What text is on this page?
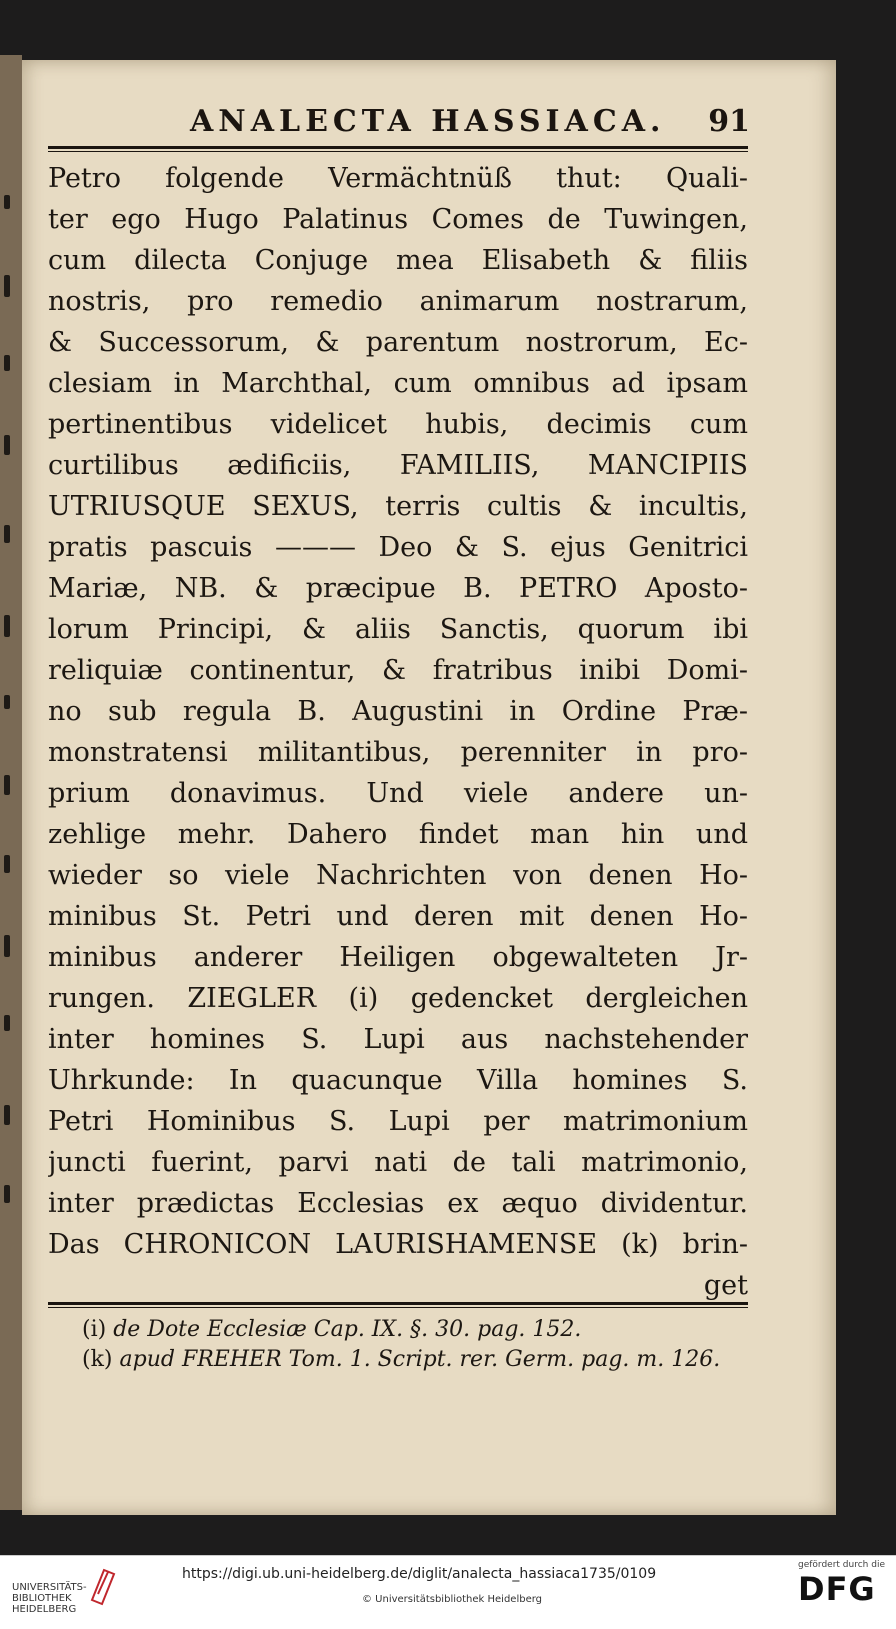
ANALECTA HASSIACA. 91
Petro folgende Vermächtnüß thut: Quali-
ter ego Hugo Palatinus Comes de Tuwingen,
cum dilecta Conjuge mea Elisabeth & filiis
nostris, pro remedio animarum nostrarum,
& Successorum, & parentum nostrorum, Ec-
clesiam in Marchthal, cum omnibus ad ipsam
pertinentibus videlicet hubis, decimis cum
curtilibus ædificiis, FAMILIIS, MANCIPIIS
UTRIUSQUE SEXUS, terris cultis & incultis,
pratis pascuis ——— Deo & S. ejus Genitrici
Mariæ, NB. & præcipue B. PETRO Aposto-
lorum Principi, & aliis Sanctis, quorum ibi
reliquiæ continentur, & fratribus inibi Domi-
no sub regula B. Augustini in Ordine Præ-
monstratensi militantibus, perenniter in pro-
prium donavimus. Und viele andere un-
zehlige mehr. Dahero findet man hin und
wieder so viele Nachrichten von denen Ho-
minibus St. Petri und deren mit denen Ho-
minibus anderer Heiligen obgewalteten Jr-
rungen. ZIEGLER (i) gedencket dergleichen
inter homines S. Lupi aus nachstehender
Uhrkunde: In quacunque Villa homines S.
Petri Hominibus S. Lupi per matrimonium
juncti fuerint, parvi nati de tali matrimonio,
inter prædictas Ecclesias ex æquo dividentur.
Das CHRONICON LAURISHAMENSE (k) brin-
get
(i) de Dote Ecclesiæ Cap. IX. §. 30. pag. 152.
(k) apud FREHER Tom. 1. Script. rer. Germ. pag. m. 126.
UNIVERSITÄTS-
BIBLIOTHEK
HEIDELBERG
https://digi.ub.uni-heidelberg.de/diglit/analecta_hassiaca1735/0109
© Universitätsbibliothek Heidelberg
gefördert durch die
DFG
